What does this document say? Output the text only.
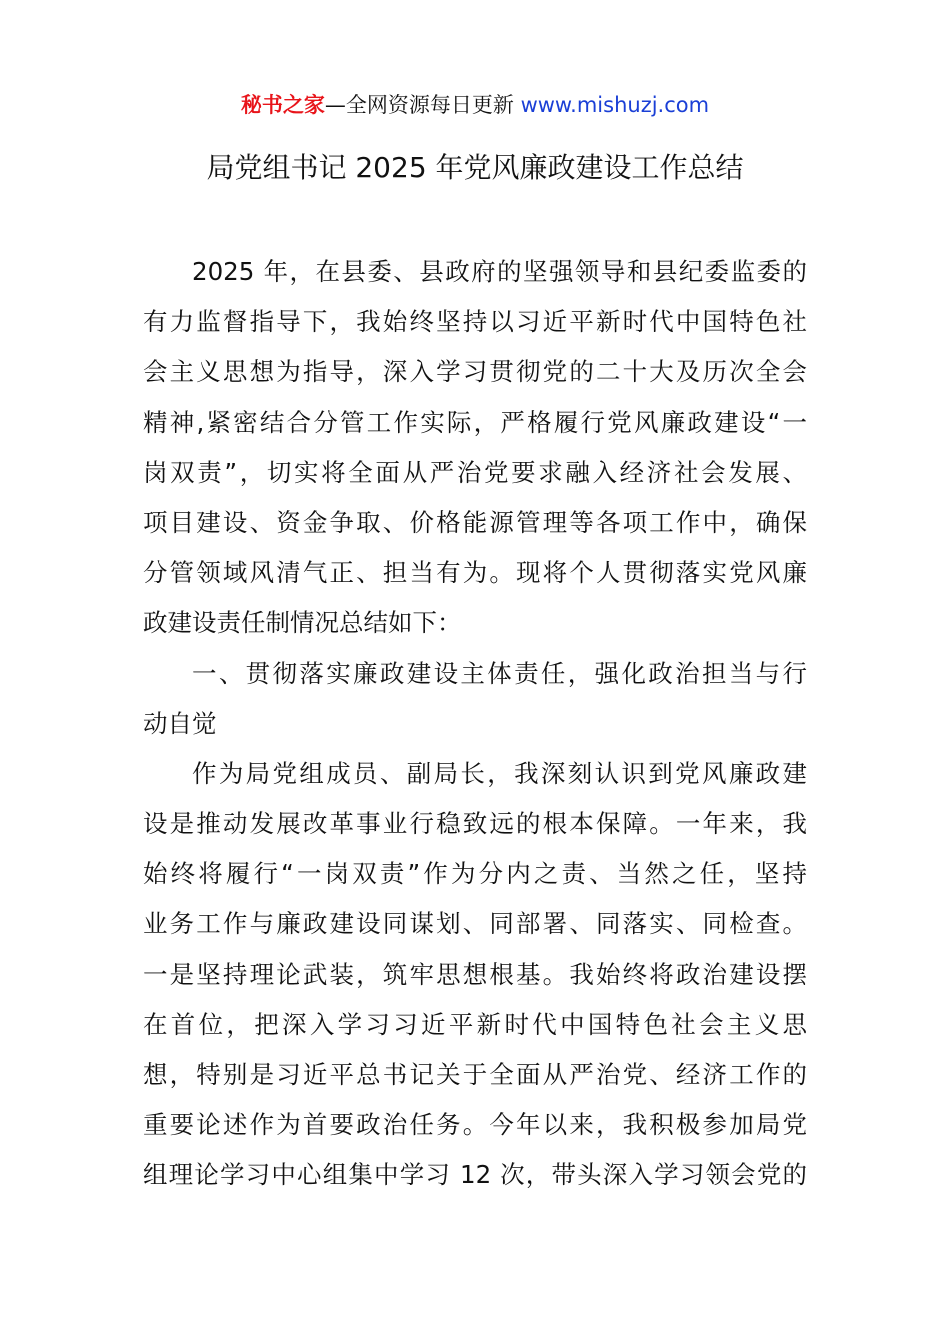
秘书之家—全网资源每日更新 www.mishuzj.com
局党组书记 2025 年党风廉政建设工作总结
2025 年，在县委、县政府的坚强领导和县纪委监委的
有力监督指导下，我始终坚持以习近平新时代中国特色社
会主义思想为指导，深入学习贯彻党的二十大及历次全会
精神,紧密结合分管工作实际，严格履行党风廉政建设“一
岗双责”，切实将全面从严治党要求融入经济社会发展、
项目建设、资金争取、价格能源管理等各项工作中，确保
分管领域风清气正、担当有为。现将个人贯彻落实党风廉
政建设责任制情况总结如下：
一、贯彻落实廉政建设主体责任，强化政治担当与行
动自觉
作为局党组成员、副局长，我深刻认识到党风廉政建
设是推动发展改革事业行稳致远的根本保障。一年来，我
始终将履行“一岗双责”作为分内之责、当然之任，坚持
业务工作与廉政建设同谋划、同部署、同落实、同检查。
一是坚持理论武装，筑牢思想根基。我始终将政治建设摆
在首位，把深入学习习近平新时代中国特色社会主义思
想，特别是习近平总书记关于全面从严治党、经济工作的
重要论述作为首要政治任务。今年以来，我积极参加局党
组理论学习中心组集中学习 12 次，带头深入学习领会党的
